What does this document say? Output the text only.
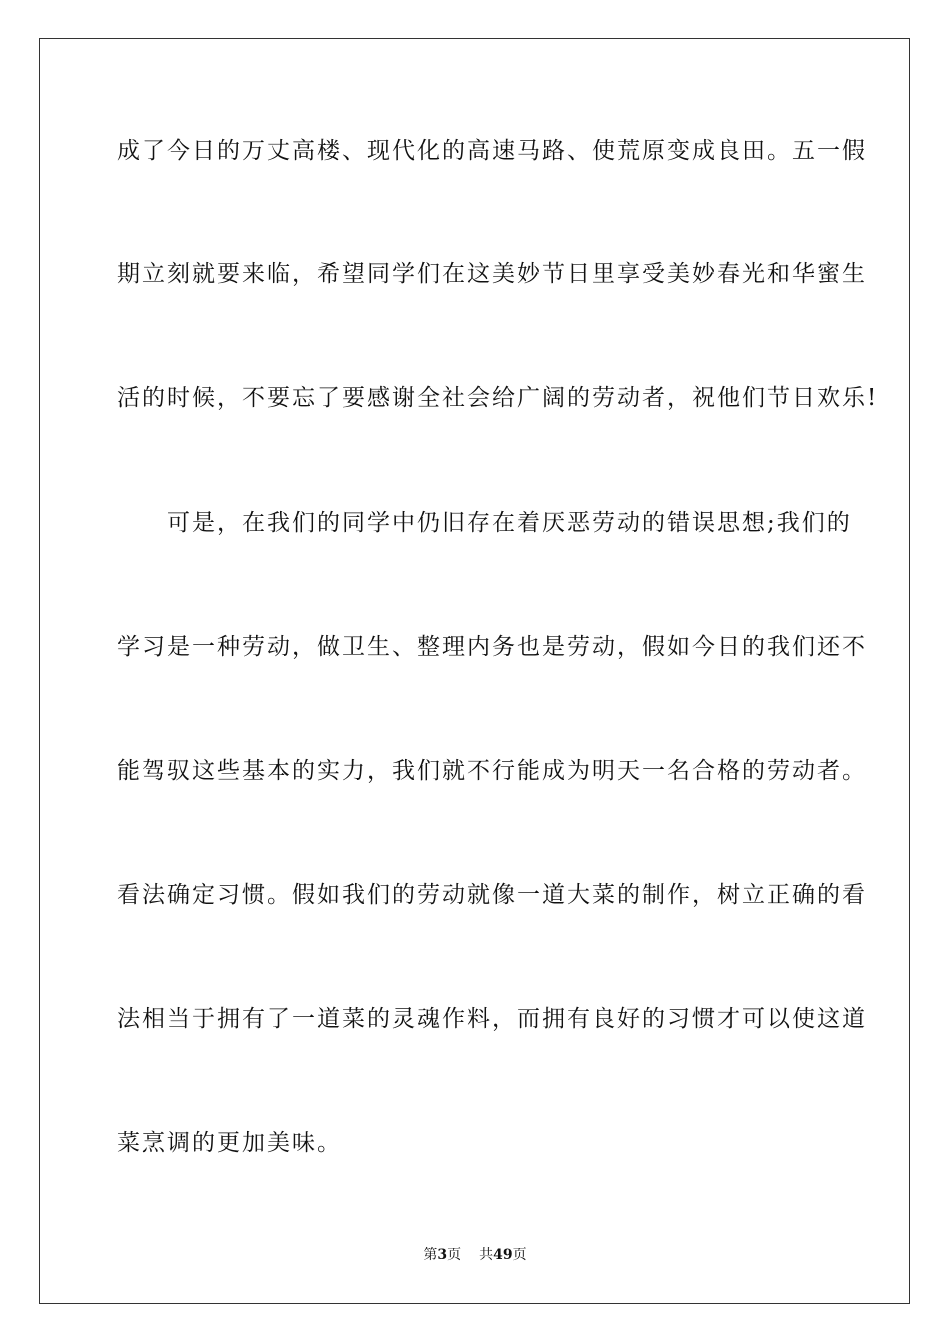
成了今日的万丈高楼、现代化的高速马路、使荒原变成良田。五一假
期立刻就要来临，希望同学们在这美妙节日里享受美妙春光和华蜜生
活的时候，不要忘了要感谢全社会给广阔的劳动者，祝他们节日欢乐!
　　可是，在我们的同学中仍旧存在着厌恶劳动的错误思想;我们的
学习是一种劳动，做卫生、整理内务也是劳动，假如今日的我们还不
能驾驭这些基本的实力，我们就不行能成为明天一名合格的劳动者。
看法确定习惯。假如我们的劳动就像一道大菜的制作，树立正确的看
法相当于拥有了一道菜的灵魂作料，而拥有良好的习惯才可以使这道
菜烹调的更加美味。
第3页 共49页
